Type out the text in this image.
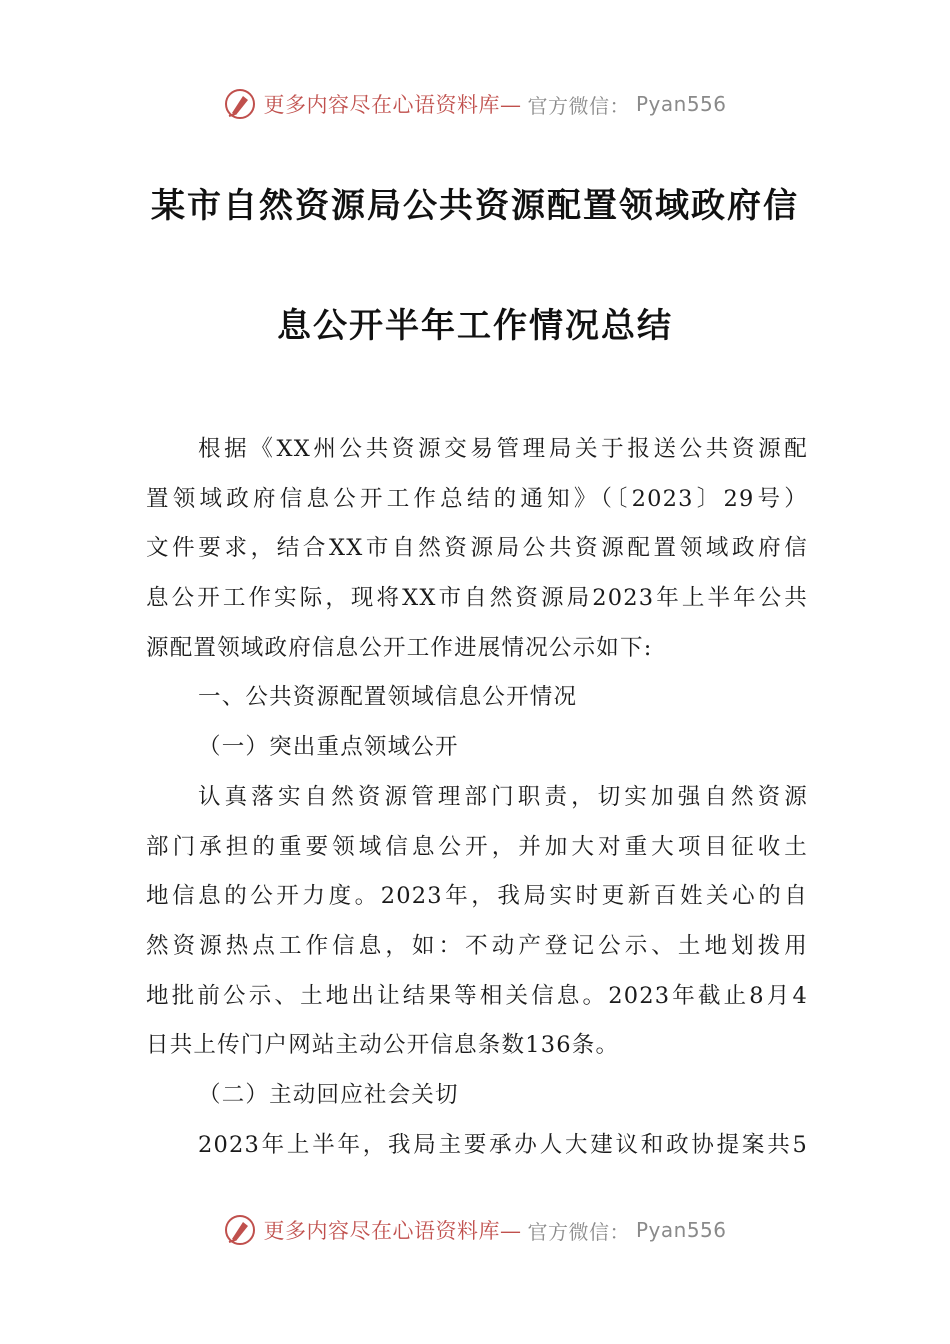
更多内容尽在心语资料库— 官方微信： Pyan556
某市自然资源局公共资源配置领域政府信
息公开半年工作情况总结
根据《XX州公共资源交易管理局关于报送公共资源配
置领域政府信息公开工作总结的通知》（〔2023〕29号）
文件要求，结合XX市自然资源局公共资源配置领域政府信
息公开工作实际，现将XX市自然资源局2023年上半年公共
源配置领域政府信息公开工作进展情况公示如下:
一、公共资源配置领域信息公开情况
（一）突出重点领域公开
认真落实自然资源管理部门职责，切实加强自然资源
部门承担的重要领域信息公开，并加大对重大项目征收土
地信息的公开力度。2023年，我局实时更新百姓关心的自
然资源热点工作信息，如：不动产登记公示、土地划拨用
地批前公示、土地出让结果等相关信息。2023年截止8月4
日共上传门户网站主动公开信息条数136条。
（二）主动回应社会关切
2023年上半年，我局主要承办人大建议和政协提案共5
更多内容尽在心语资料库— 官方微信： Pyan556
